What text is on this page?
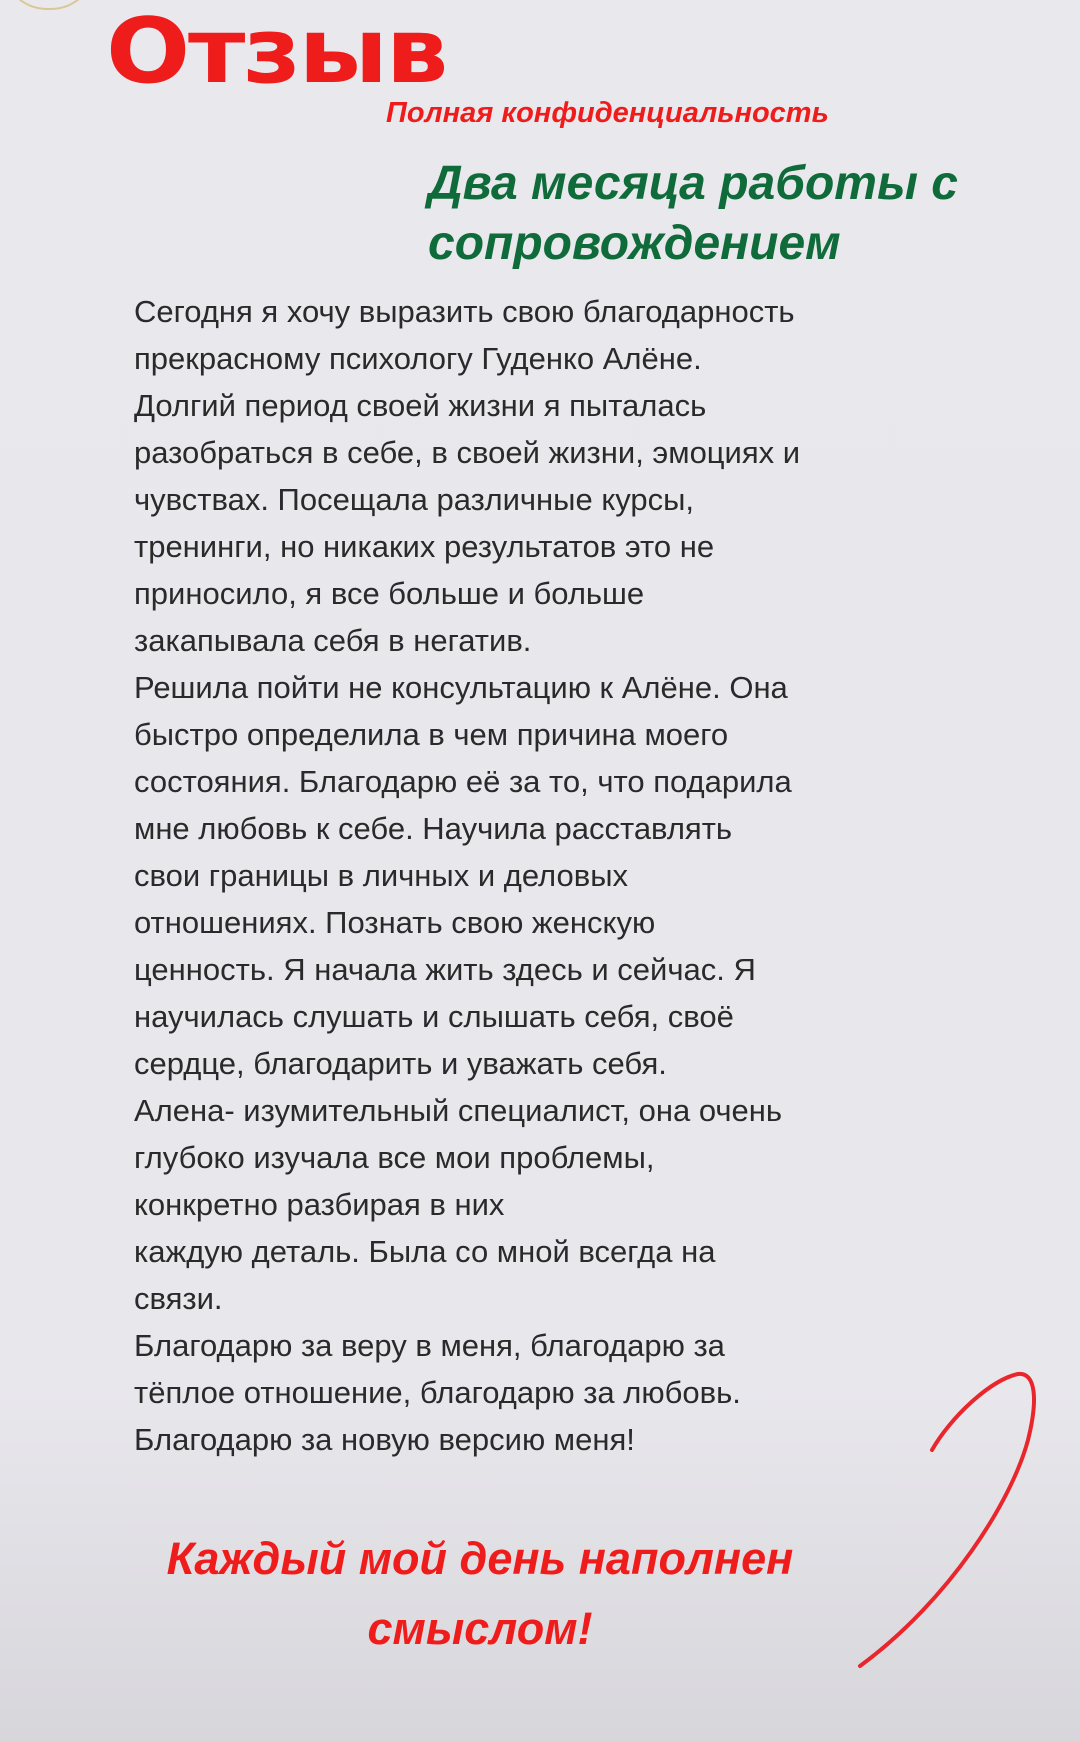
Отзыв
Полная конфиденциальность
Два месяца работы с
сопровождением
Сегодня я хочу выразить свою благодарность
прекрасному психологу Гуденко Алёне.
Долгий период своей жизни я пыталась
разобраться в себе, в своей жизни, эмоциях и
чувствах. Посещала различные курсы,
тренинги, но никаких результатов это не
приносило, я все больше и больше
закапывала себя в негатив.
Решила пойти не консультацию к Алёне. Она
быстро определила в чем причина моего
состояния. Благодарю её за то, что подарила
мне любовь к себе. Научила расставлять
свои границы в личных и деловых
отношениях. Познать свою женскую
ценность. Я начала жить здесь и сейчас. Я
научилась слушать и слышать себя, своё
сердце, благодарить и уважать себя.
Алена- изумительный специалист, она очень
глубоко изучала все мои проблемы,
конкретно разбирая в них
каждую деталь. Была со мной всегда на
связи.
Благодарю за веру в меня, благодарю за
тёплое отношение, благодарю за любовь.
Благодарю за новую версию меня!
Каждый мой день наполнен
смыслом!
